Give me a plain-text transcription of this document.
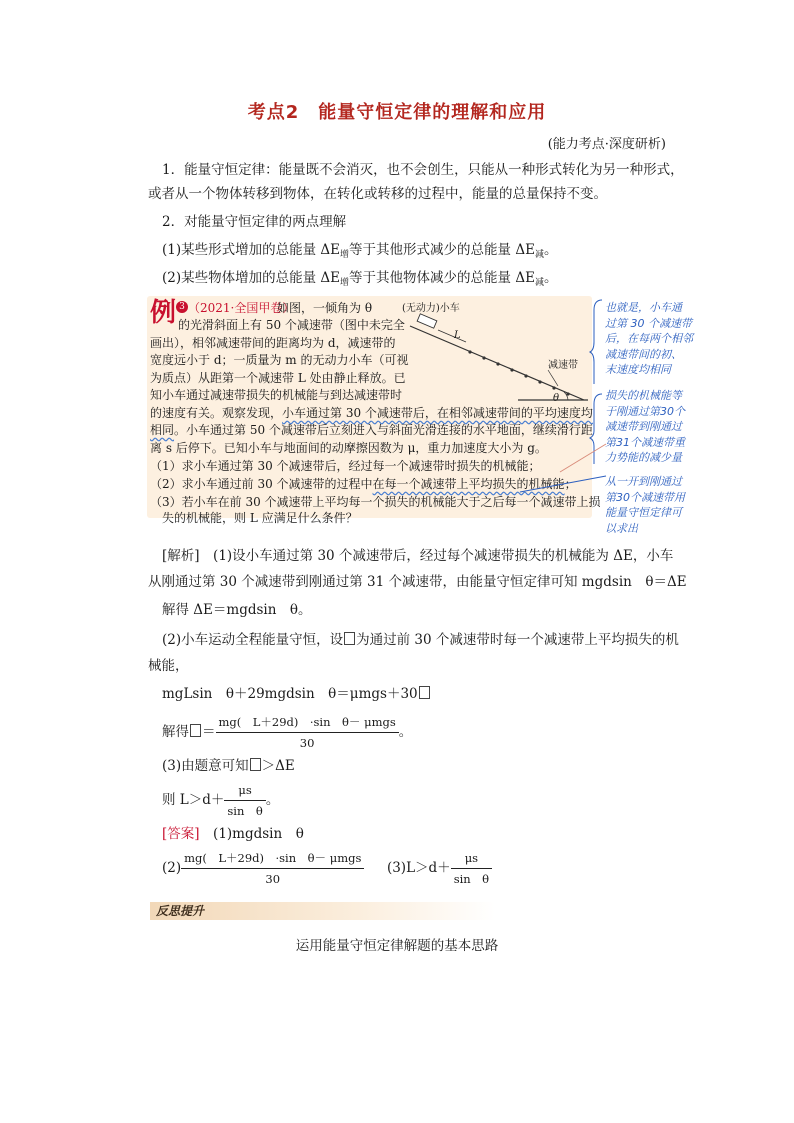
考点2　能量守恒定律的理解和应用
(能力考点·深度研析)
1．能量守恒定律：能量既不会消灭，也不会创生，只能从一种形式转化为另一种形式，
或者从一个物体转移到物体，在转化或转移的过程中，能量的总量保持不变。
2．对能量守恒定律的两点理解
(1)某些形式增加的总能量 $\Delta E_增$等于其他形式减少的总能量 $\Delta E_减$。
(2)某些物体增加的总能量 $\Delta E_增$等于其他物体减少的总能量 $\Delta E_减$。
例 3 （2021·全国甲卷）
如图，一倾角为 θ
的光滑斜面上有 50 个减速带（图中未完全
画出），相邻减速带间的距离均为 d，减速带的
宽度远小于 d；一质量为 m 的无动力小车（可视
为质点）从距第一个减速带 L 处由静止释放。已
知小车通过减速带损失的机械能与到达减速带时
的速度有关。观察发现，小车通过第 30 个减速带后，在相邻减速带间的平均速度均
相同。小车通过第 50 个减速带后立刻进入与斜面光滑连接的水平地面，继续滑行距
离 s 后停下。已知小车与地面间的动摩擦因数为 μ，重力加速度大小为 g。
（1）求小车通过第 30 个减速带后，经过每一个减速带时损失的机械能；
（2）求小车通过前 30 个减速带的过程中在每一个减速带上平均损失的机械能；
（3）若小车在前 30 个减速带上平均每一个损失的机械能大于之后每一个减速带上损
失的机械能，则 L 应满足什么条件？
(无动力)小车
L
减速带
θ
也就是，小车通
过第 30 个减速带
后，在每两个相邻
减速带间的初、
末速度均相同
损失的机械能等
于刚通过第30个
减速带到刚通过
第31个减速带重
力势能的减少量
从一开到刚通过
第30个减速带用
能量守恒定律可
以求出
[解析]　(1)设小车通过第 30 个减速带后，经过每个减速带损失的机械能为 ΔE，小车
从刚通过第 30 个减速带到刚通过第 31 个减速带，由能量守恒定律可知 mgdsin　θ＝ΔE
解得 ΔE＝mgdsin　θ。
(2)小车运动全程能量守恒，设 为通过前 30 个减速带时每一个减速带上平均损失的机
械能，
mgLsin　θ＋29mgdsin　θ＝μmgs＋30
解得 ＝ $\frac{\text{mg(　L＋29d)　·sin　θ－ μmgs}}{30}$ 。
(3)由题意可知 ＞ΔE
则 $L>d+ \frac{\mu s}{\text{sin　θ}}$ 。
[答案]　(1)mgdsin　θ
$(2) \frac{\text{mg(　L＋29d)　·sin　θ－ μmgs}}{30} (3)L>d+ \frac{\mu s}{\text{sin　θ}}$
反思提升
运用能量守恒定律解题的基本思路
